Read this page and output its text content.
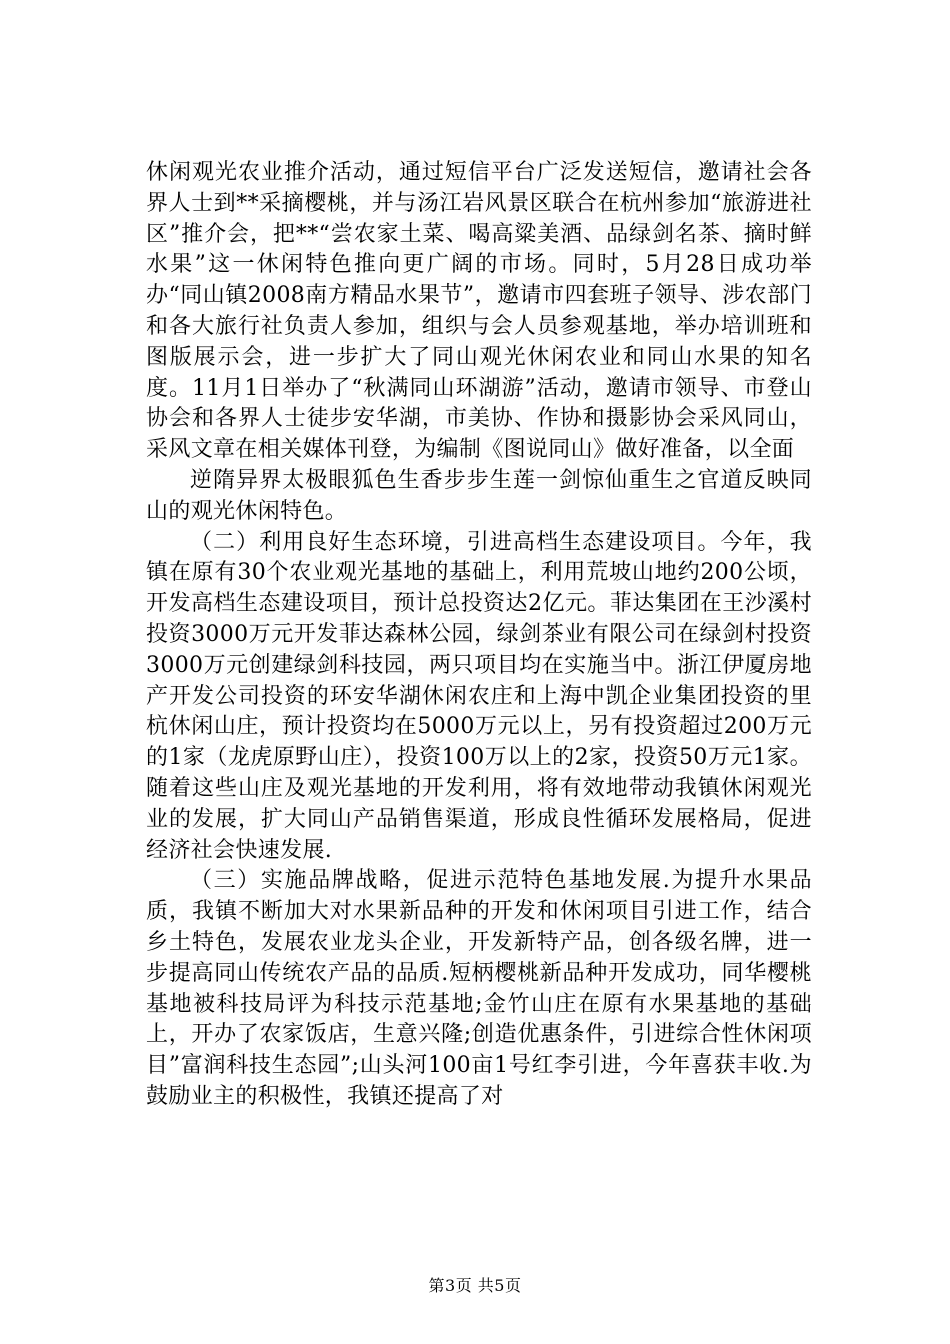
休闲观光农业推介活动，通过短信平台广泛发送短信，邀请社会各界人士到**采摘樱桃，并与汤江岩风景区联合在杭州参加“旅游进社区”推介会，把**“尝农家土菜、喝高粱美酒、品绿剑名茶、摘时鲜水果”这一休闲特色推向更广阔的市场。同时，5月28日成功举办“同山镇2008南方精品水果节”，邀请市四套班子领导、涉农部门和各大旅行社负责人参加，组织与会人员参观基地，举办培训班和图版展示会，进一步扩大了同山观光休闲农业和同山水果的知名度。11月1日举办了“秋满同山环湖游”活动，邀请市领导、市登山协会和各界人士徒步安华湖，市美协、作协和摄影协会采风同山，采风文章在相关媒体刊登，为编制《图说同山》做好准备，以全面

逆隋异界太极眼狐色生香步步生莲一剑惊仙重生之官道反映同山的观光休闲特色。

（二）利用良好生态环境，引进高档生态建设项目。今年，我镇在原有30个农业观光基地的基础上，利用荒坡山地约200公顷，开发高档生态建设项目，预计总投资达2亿元。菲达集团在王沙溪村投资3000万元开发菲达森林公园，绿剑茶业有限公司在绿剑村投资3000万元创建绿剑科技园，两只项目均在实施当中。浙江伊厦房地产开发公司投资的环安华湖休闲农庄和上海中凯企业集团投资的里杭休闲山庄，预计投资均在5000万元以上，另有投资超过200万元的1家（龙虎原野山庄），投资100万以上的2家，投资50万元1家。随着这些山庄及观光基地的开发利用，将有效地带动我镇休闲观光业的发展，扩大同山产品销售渠道，形成良性循环发展格局，促进经济社会快速发展.

（三）实施品牌战略，促进示范特色基地发展.为提升水果品质，我镇不断加大对水果新品种的开发和休闲项目引进工作，结合乡土特色，发展农业龙头企业，开发新特产品，创各级名牌，进一步提高同山传统农产品的品质.短柄樱桃新品种开发成功，同华樱桃基地被科技局评为科技示范基地;金竹山庄在原有水果基地的基础上，开办了农家饭店，生意兴隆;创造优惠条件，引进综合性休闲项目”富润科技生态园”;山头河100亩1号红李引进，今年喜获丰收.为鼓励业主的积极性，我镇还提高了对

第3页 共5页
